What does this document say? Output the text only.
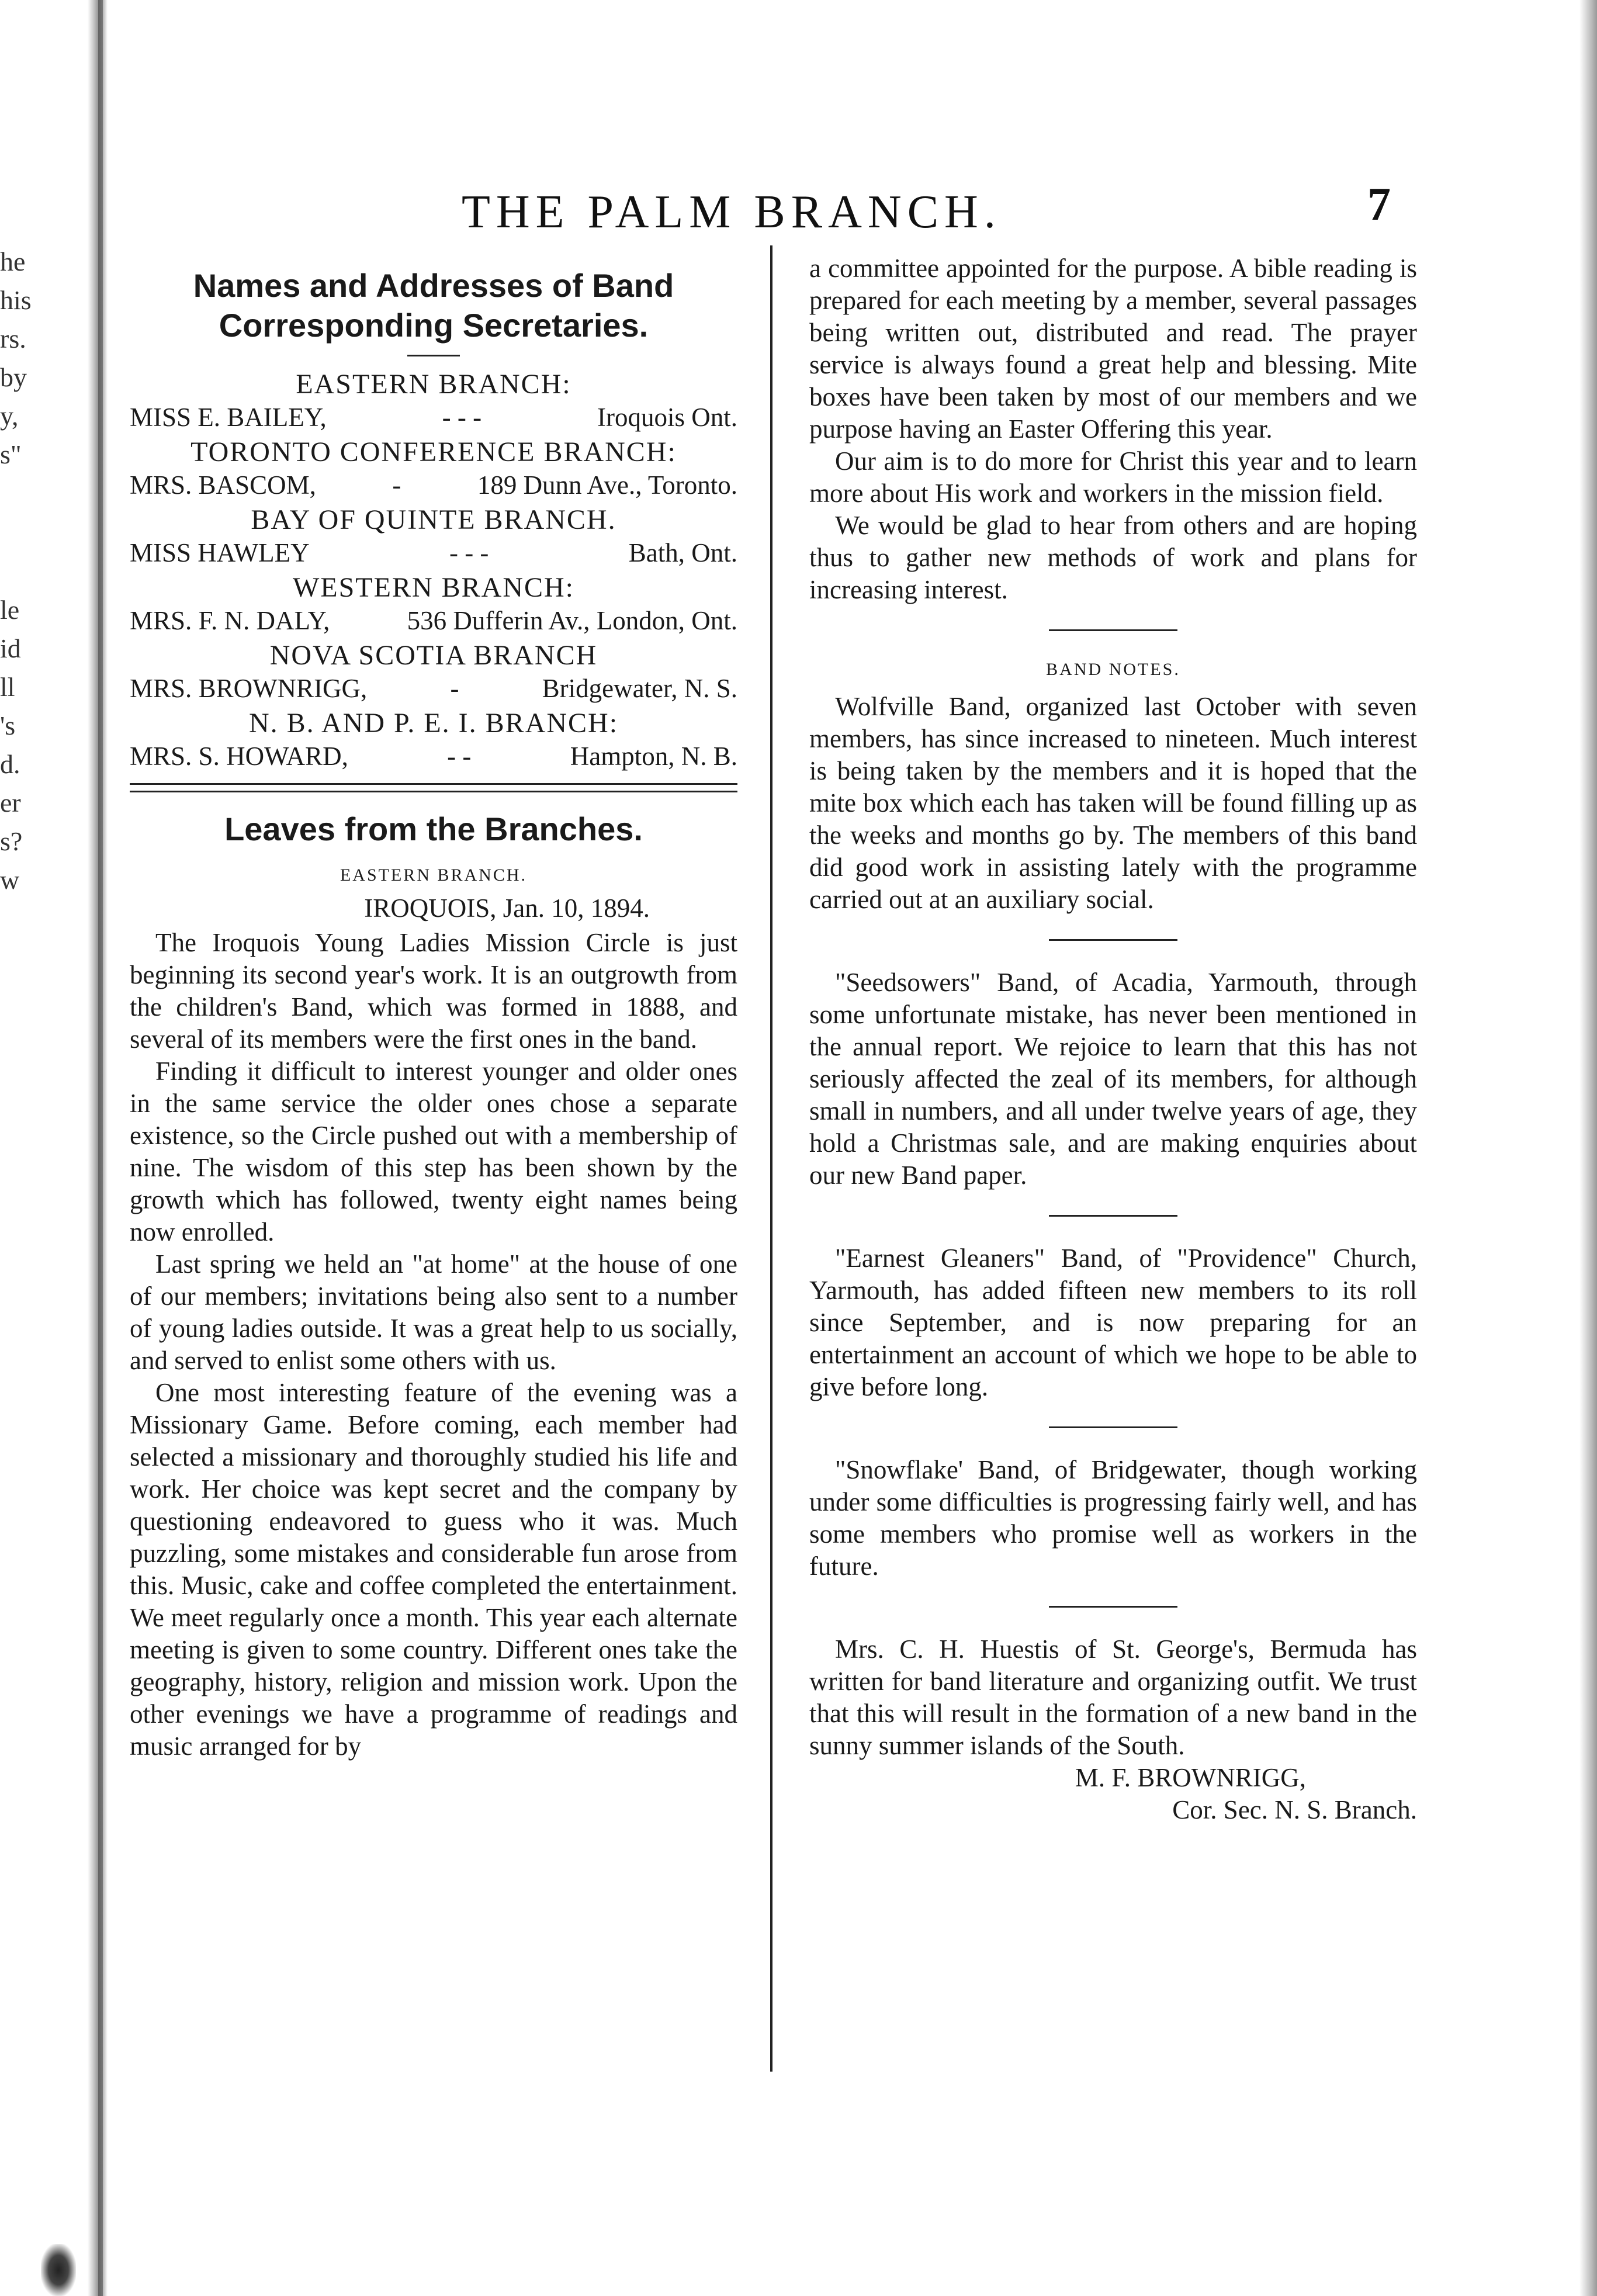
he
his
rs.
by
y,
s"
le
id
ll
's
d.
er
s?
w
THE PALM BRANCH.	7
Names and Addresses of Band Corresponding Secretaries.
EASTERN BRANCH:
MISS E. BAILEY,	- - -	Iroquois Ont.
TORONTO CONFERENCE BRANCH:
MRS. BASCOM,	-	189 Dunn Ave., Toronto.
BAY OF QUINTE BRANCH.
MISS HAWLEY	- - -	Bath, Ont.
WESTERN BRANCH:
MRS. F. N. DALY,	536 Dufferin Av., London, Ont.
NOVA SCOTIA BRANCH
MRS. BROWNRIGG,	-	Bridgewater, N. S.
N. B. AND P. E. I. BRANCH:
MRS. S. HOWARD,	- -	Hampton, N. B.
Leaves from the Branches.
EASTERN BRANCH.
IROQUOIS, Jan. 10, 1894.

The Iroquois Young Ladies Mission Circle is just beginning its second year's work. It is an outgrowth from the children's Band, which was formed in 1888, and several of its members were the first ones in the band.

Finding it difficult to interest younger and older ones in the same service the older ones chose a separate existence, so the Circle pushed out with a membership of nine. The wisdom of this step has been shown by the growth which has followed, twenty eight names being now enrolled.

Last spring we held an "at home" at the house of one of our members; invitations being also sent to a number of young ladies outside. It was a great help to us socially, and served to enlist some others with us.

One most interesting feature of the evening was a Missionary Game. Before coming, each member had selected a missionary and thoroughly studied his life and work. Her choice was kept secret and the company by questioning endeavored to guess who it was. Much puzzling, some mistakes and considerable fun arose from this. Music, cake and coffee completed the entertainment. We meet regularly once a month. This year each alternate meeting is given to some country. Different ones take the geography, history, religion and mission work. Upon the other evenings we have a programme of readings and music arranged for by

a committee appointed for the purpose. A bible reading is prepared for each meeting by a member, several passages being written out, distributed and read. The prayer service is always found a great help and blessing. Mite boxes have been taken by most of our members and we purpose having an Easter Offering this year.

Our aim is to do more for Christ this year and to learn more about His work and workers in the mission field.

We would be glad to hear from others and are hoping thus to gather new methods of work and plans for increasing interest.

BAND NOTES.

Wolfville Band, organized last October with seven members, has since increased to nineteen. Much interest is being taken by the members and it is hoped that the mite box which each has taken will be found filling up as the weeks and months go by. The members of this band did good work in assisting lately with the programme carried out at an auxiliary social.

"Seedsowers" Band, of Acadia, Yarmouth, through some unfortunate mistake, has never been mentioned in the annual report. We rejoice to learn that this has not seriously affected the zeal of its members, for although small in numbers, and all under twelve years of age, they hold a Christmas sale, and are making enquiries about our new Band paper.

"Earnest Gleaners" Band, of "Providence" Church, Yarmouth, has added fifteen new members to its roll since September, and is now preparing for an entertainment an account of which we hope to be able to give before long.

"Snowflake' Band, of Bridgewater, though working under some difficulties is progressing fairly well, and has some members who promise well as workers in the future.

Mrs. C. H. Huestis of St. George's, Bermuda has written for band literature and organizing outfit. We trust that this will result in the formation of a new band in the sunny summer islands of the South.

M. F. BROWNRIGG,
Cor. Sec. N. S. Branch.
